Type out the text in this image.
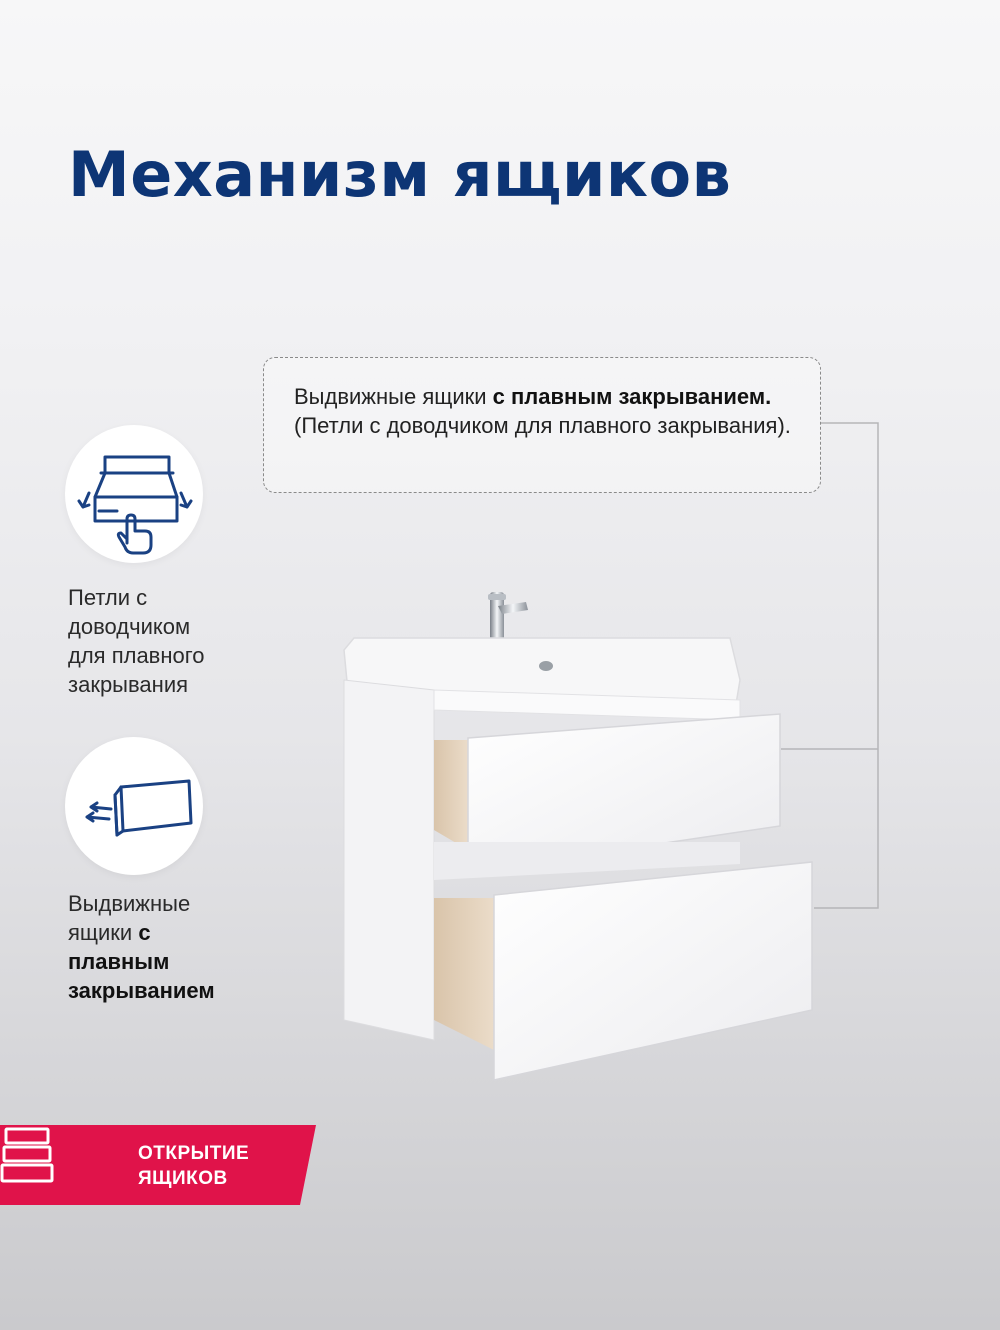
Механизм ящиков
Выдвижные ящики с плавным закрыванием. (Петли с доводчиком для плавного закрывания).
Петли с
доводчиком
для плавного
закрывания
Выдвижные
ящики с
плавным
закрыванием
ОТКРЫТИЕ
ЯЩИКОВ
